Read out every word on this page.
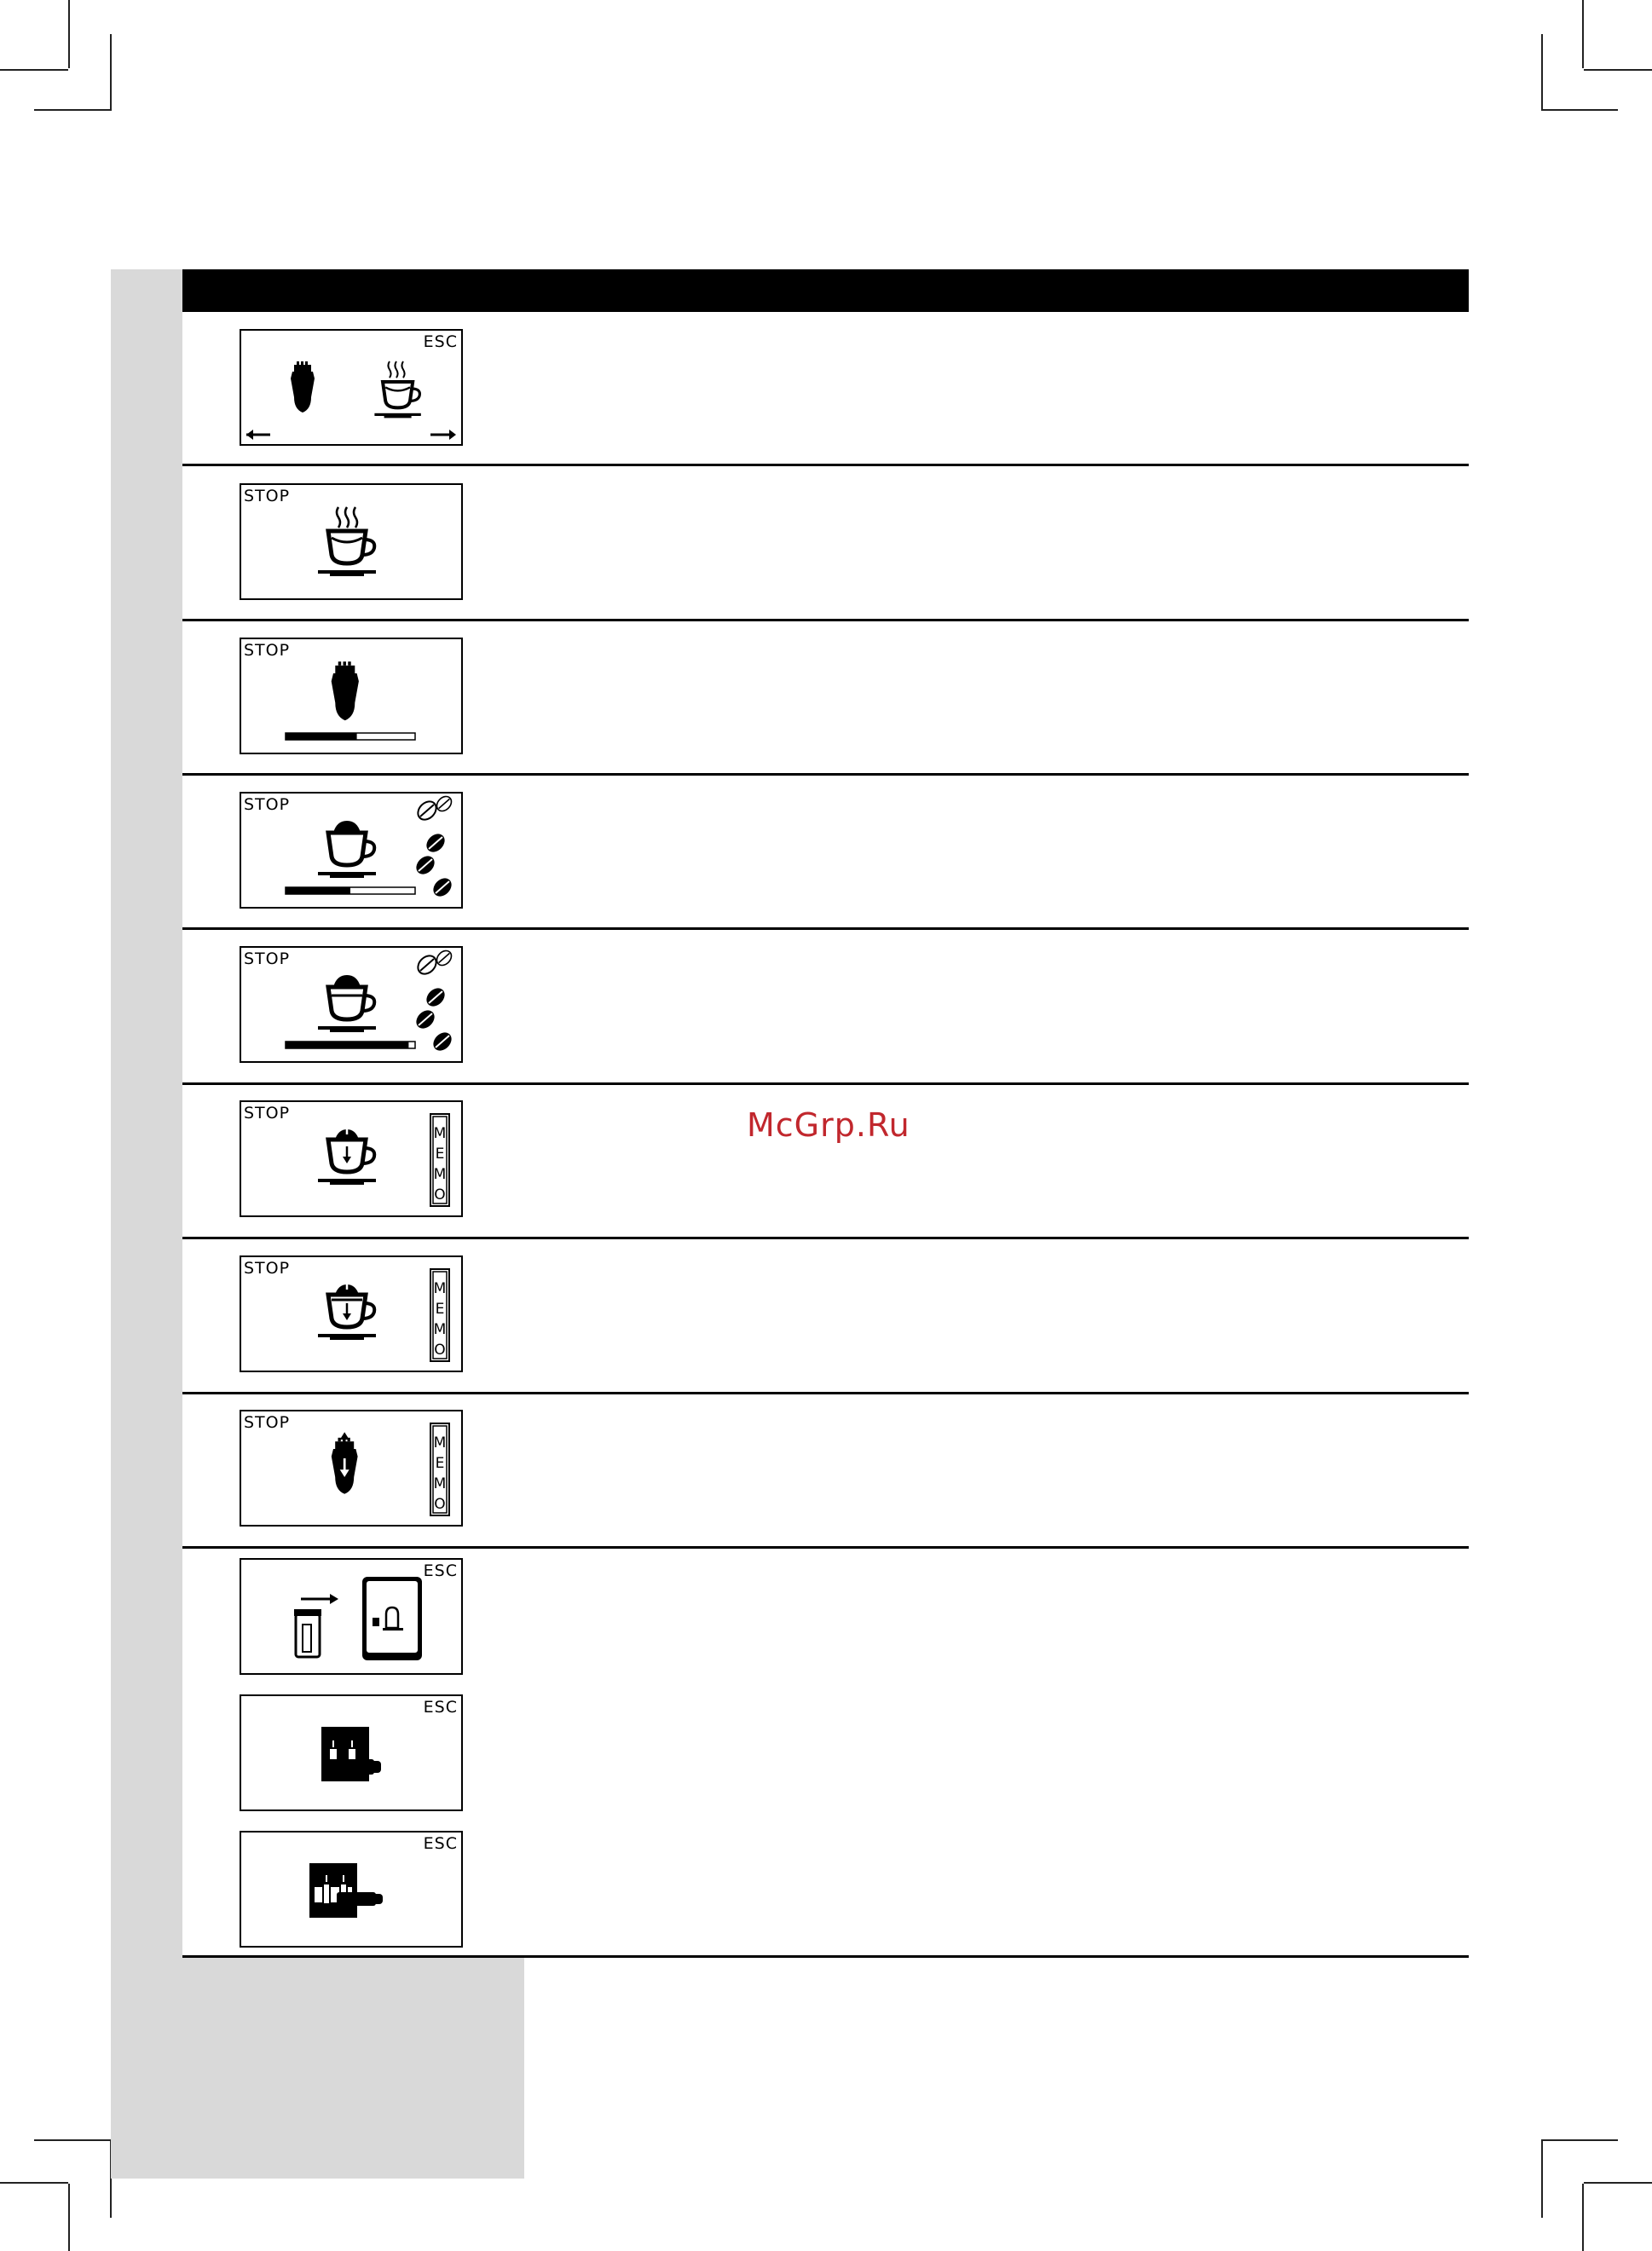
ESC
STOP
STOP
STOP
STOP
STOP
STOP
STOP
ESC
ESC
ESC
McGrp.Ru
